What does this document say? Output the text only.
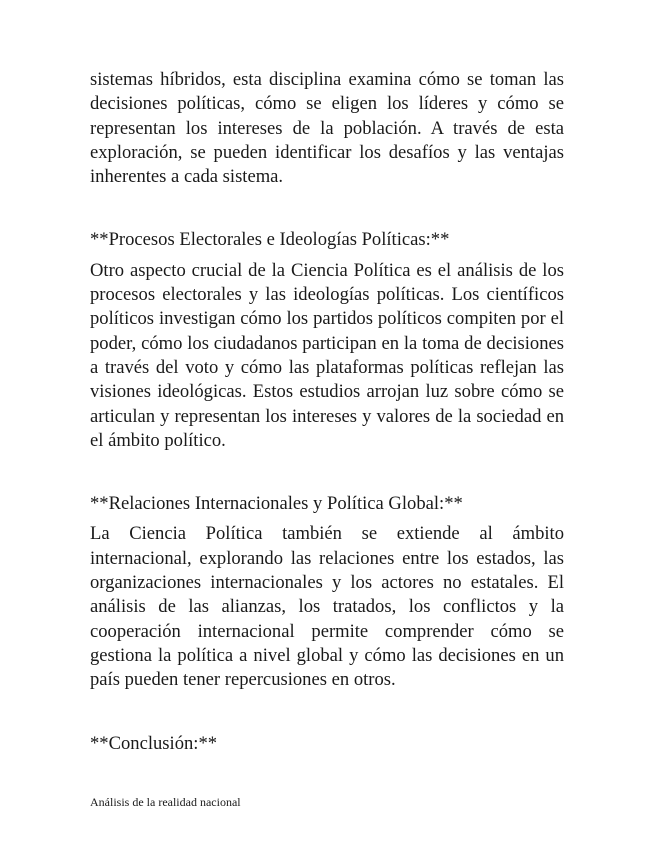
sistemas híbridos, esta disciplina examina cómo se toman las decisiones políticas, cómo se eligen los líderes y cómo se representan los intereses de la población. A través de esta exploración, se pueden identificar los desafíos y las ventajas inherentes a cada sistema.

**Procesos Electorales e Ideologías Políticas:**

Otro aspecto crucial de la Ciencia Política es el análisis de los procesos electorales y las ideologías políticas. Los científicos políticos investigan cómo los partidos políticos compiten por el poder, cómo los ciudadanos participan en la toma de decisiones a través del voto y cómo las plataformas políticas reflejan las visiones ideológicas. Estos estudios arrojan luz sobre cómo se articulan y representan los intereses y valores de la sociedad en el ámbito político.

**Relaciones Internacionales y Política Global:**

La Ciencia Política también se extiende al ámbito internacional, explorando las relaciones entre los estados, las organizaciones internacionales y los actores no estatales. El análisis de las alianzas, los tratados, los conflictos y la cooperación internacional permite comprender cómo se gestiona la política a nivel global y cómo las decisiones en un país pueden tener repercusiones en otros.

**Conclusión:**

Análisis de la realidad nacional
